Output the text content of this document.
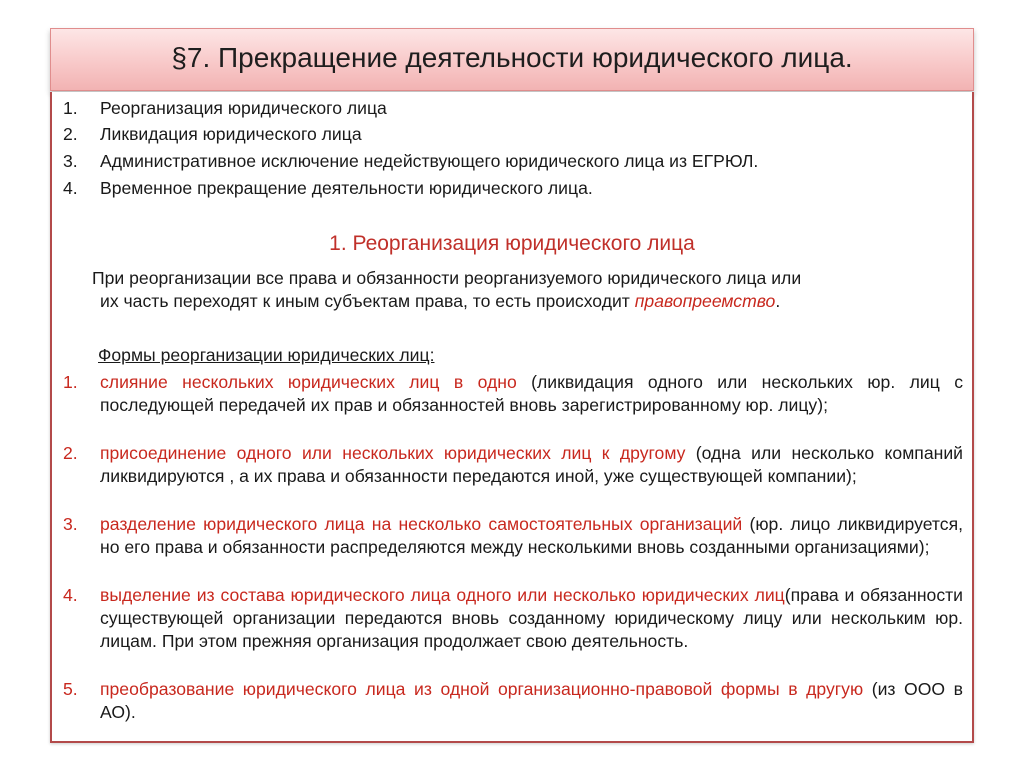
§7. Прекращение деятельности юридического лица.
1. Реорганизация юридического лица
2. Ликвидация юридического лица
3. Административное исключение недействующего юридического лица из ЕГРЮЛ.
4. Временное прекращение деятельности юридического лица.
1. Реорганизация юридического лица
При реорганизации все права и обязанности реорганизуемого юридического лица или
их часть переходят к иным субъектам права, то есть происходит правопреемство.
Формы реорганизации юридических лиц:
1. слияние нескольких юридических лиц в одно (ликвидация одного или нескольких юр. лиц с последующей передачей их прав и обязанностей вновь зарегистрированному юр. лицу);
2. присоединение одного или нескольких юридических лиц к другому (одна или несколько компаний ликвидируются , а их права и обязанности передаются иной, уже существующей компании);
3. разделение юридического лица на несколько самостоятельных организаций (юр. лицо ликвидируется, но его права и обязанности распределяются между несколькими вновь созданными организациями);
4. выделение из состава юридического лица одного или несколько юридических лиц(права и обязанности существующей организации передаются вновь созданному юридическому лицу или нескольким юр. лицам. При этом прежняя организация продолжает свою деятельность.
5. преобразование юридического лица из одной организационно-правовой формы в другую (из ООО в АО).
